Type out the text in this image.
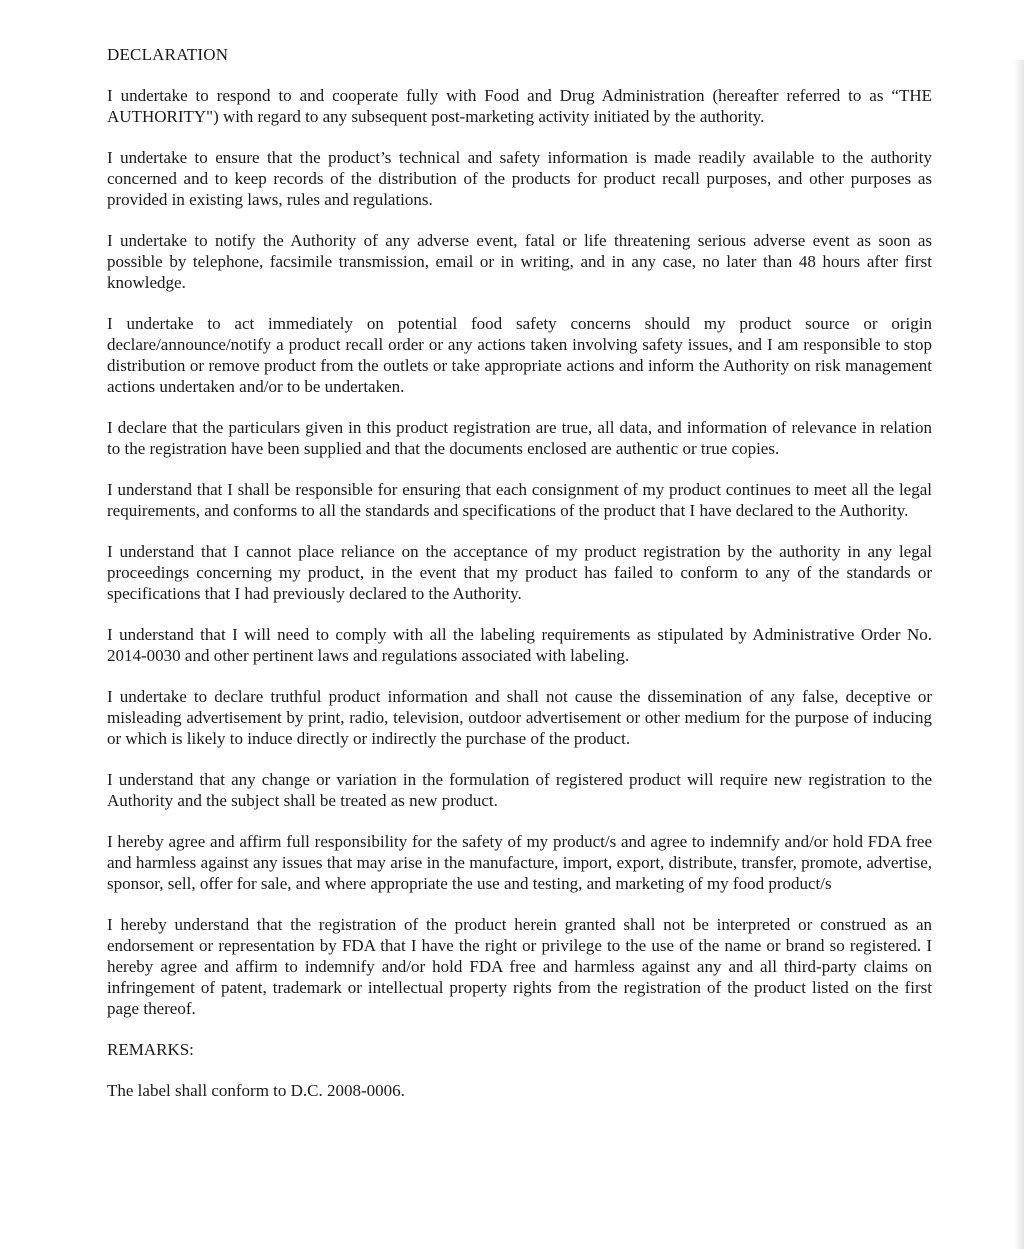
DECLARATION

I undertake to respond to and cooperate fully with Food and Drug Administration (hereafter referred to as “THE AUTHORITY") with regard to any subsequent post-marketing activity initiated by the authority.

I undertake to ensure that the product’s technical and safety information is made readily available to the authority concerned and to keep records of the distribution of the products for product recall purposes, and other purposes as provided in existing laws, rules and regulations.

I undertake to notify the Authority of any adverse event, fatal or life threatening serious adverse event as soon as possible by telephone, facsimile transmission, email or in writing, and in any case, no later than 48 hours after first knowledge.

I undertake to act immediately on potential food safety concerns should my product source or origin declare/announce/notify a product recall order or any actions taken involving safety issues, and I am responsible to stop distribution or remove product from the outlets or take appropriate actions and inform the Authority on risk management actions undertaken and/or to be undertaken.

I declare that the particulars given in this product registration are true, all data, and information of relevance in relation to the registration have been supplied and that the documents enclosed are authentic or true copies.

I understand that I shall be responsible for ensuring that each consignment of my product continues to meet all the legal requirements, and conforms to all the standards and specifications of the product that I have declared to the Authority.

I understand that I cannot place reliance on the acceptance of my product registration by the authority in any legal proceedings concerning my product, in the event that my product has failed to conform to any of the standards or specifications that I had previously declared to the Authority.

I understand that I will need to comply with all the labeling requirements as stipulated by Administrative Order No. 2014-0030 and other pertinent laws and regulations associated with labeling.

I undertake to declare truthful product information and shall not cause the dissemination of any false, deceptive or misleading advertisement by print, radio, television, outdoor advertisement or other medium for the purpose of inducing or which is likely to induce directly or indirectly the purchase of the product.

I understand that any change or variation in the formulation of registered product will require new registration to the Authority and the subject shall be treated as new product.

I hereby agree and affirm full responsibility for the safety of my product/s and agree to indemnify and/or hold FDA free and harmless against any issues that may arise in the manufacture, import, export, distribute, transfer, promote, advertise, sponsor, sell, offer for sale, and where appropriate the use and testing, and marketing of my food product/s

I hereby understand that the registration of the product herein granted shall not be interpreted or construed as an endorsement or representation by FDA that I have the right or privilege to the use of the name or brand so registered. I hereby agree and affirm to indemnify and/or hold FDA free and harmless against any and all third-party claims on infringement of patent, trademark or intellectual property rights from the registration of the product listed on the first page thereof.

REMARKS:
The label shall conform to D.C. 2008-0006.
